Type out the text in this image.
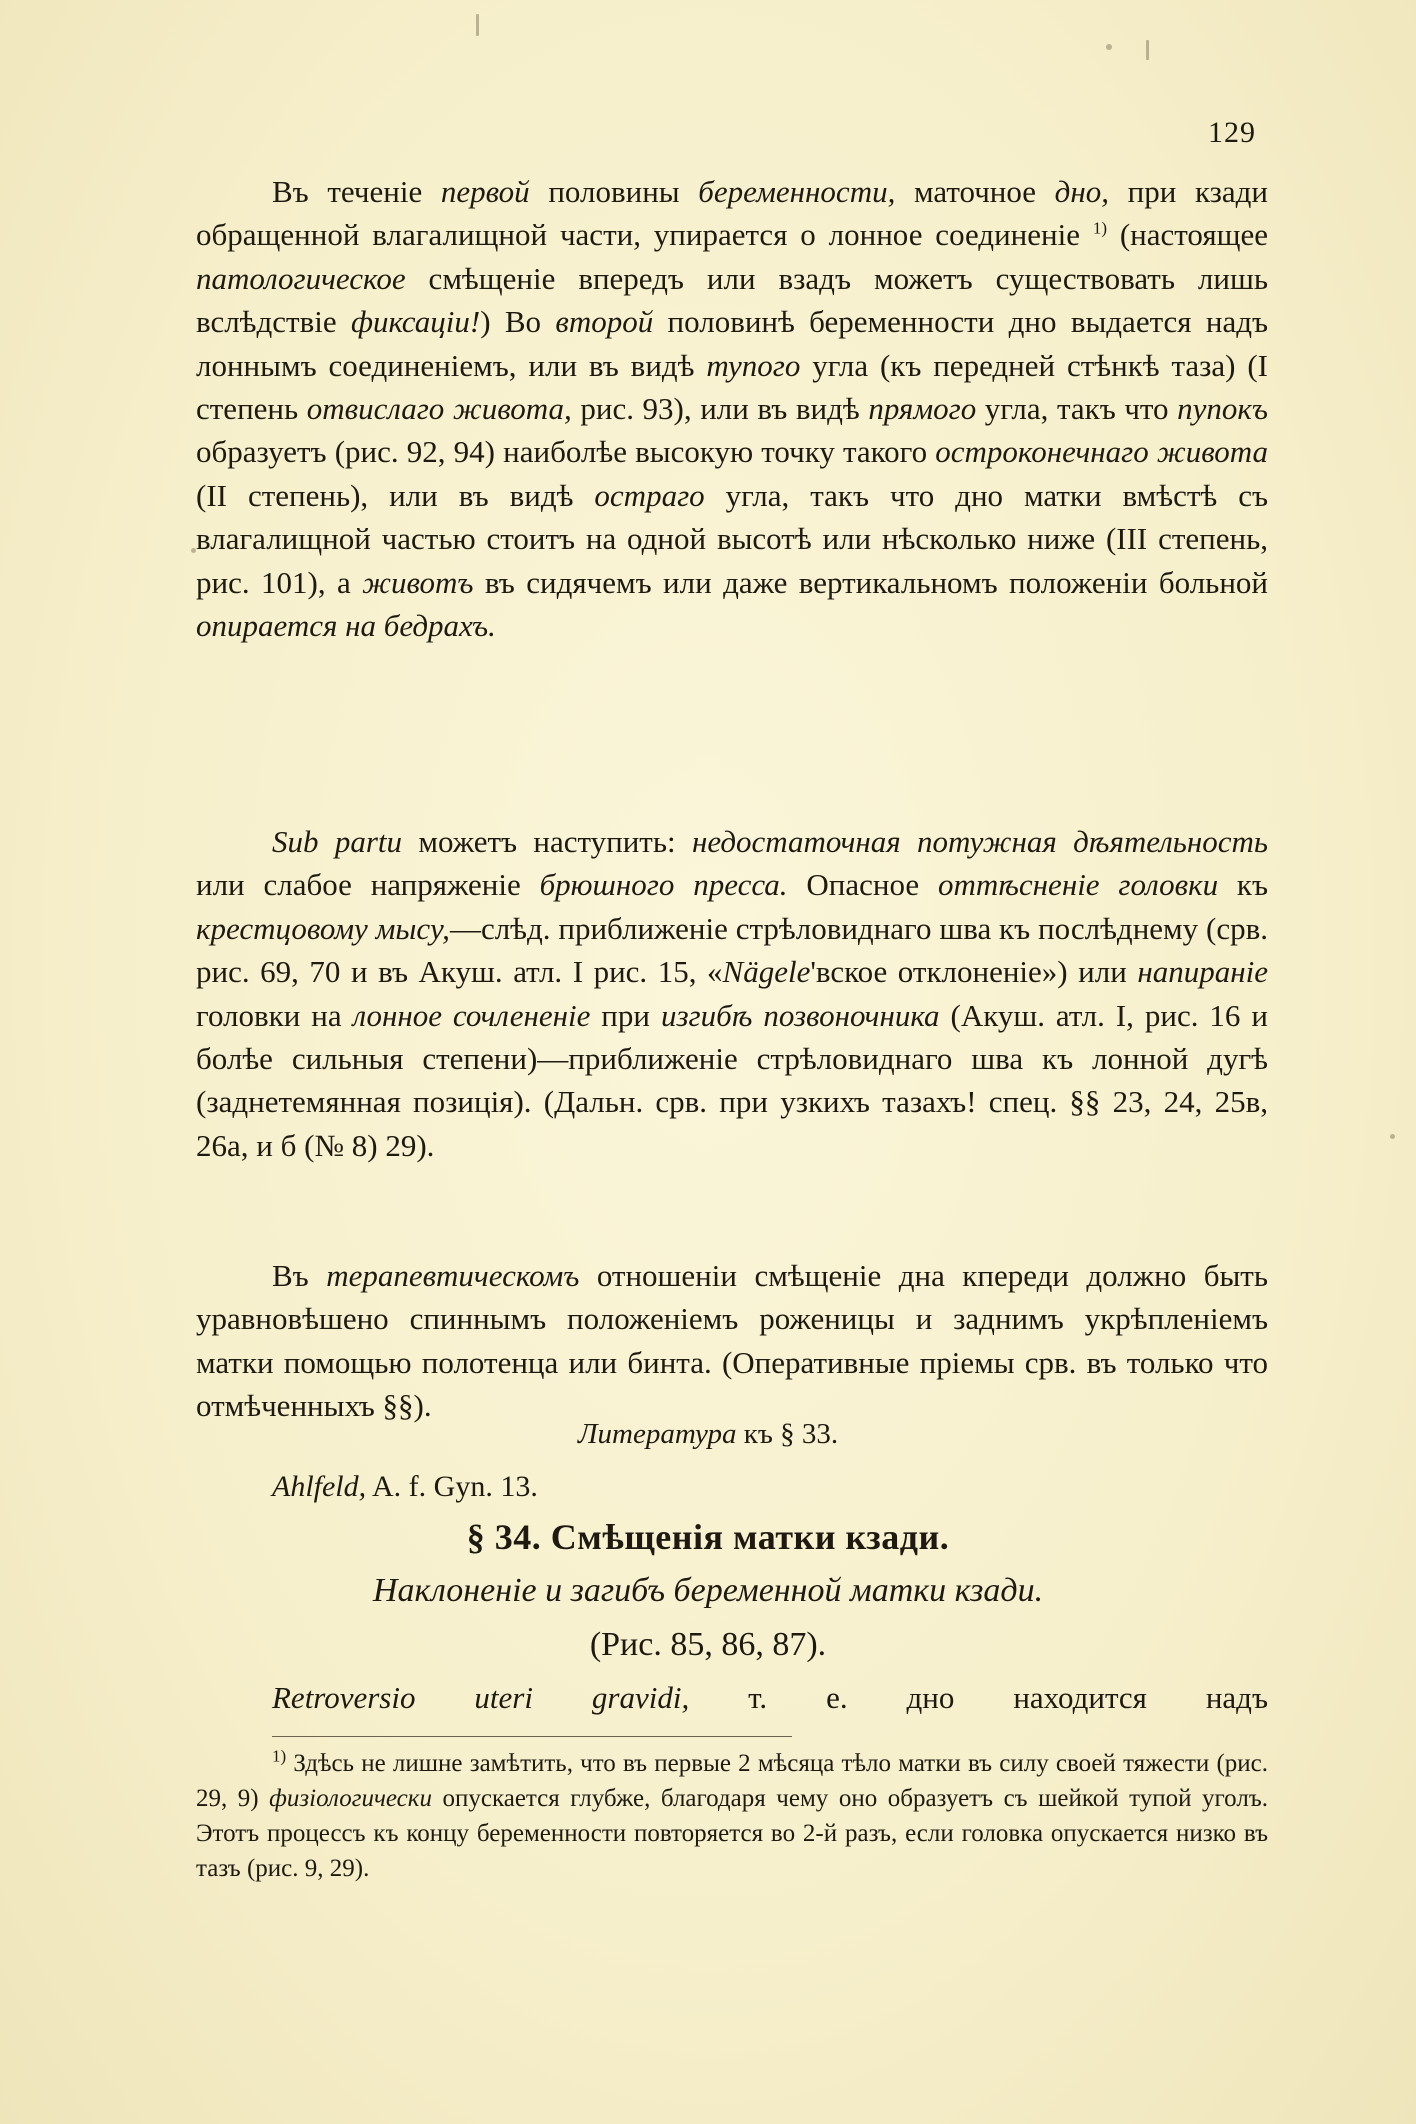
129

Въ теченіе первой половины беременности, маточное дно, при кзади обращенной влагалищной части, упирается о лонное соединеніе $^{1)}$ (настоящее патологическое смѣщеніе впередъ или взадъ можетъ существовать лишь вслѣдствіе фиксаціи!) Во второй половинѣ беременности дно выдается надъ лоннымъ соединеніемъ, или въ видѣ тупого угла (къ передней стѣнкѣ таза) (I степень отвислаго живота, рис. 93), или въ видѣ прямого угла, такъ что пупокъ образуетъ (рис. 92, 94) наиболѣе высокую точку такого остроконечнаго живота (II степень), или въ видѣ остраго угла, такъ что дно матки вмѣстѣ съ влагалищной частью стоитъ на одной высотѣ или нѣсколько ниже (III степень, рис. 101), а животъ въ сидячемъ или даже вертикальномъ положеніи больной опирается на бедрахъ.

Sub partu можетъ наступить: недостаточная потужная дѣятельность или слабое напряженіе брюшного пресса. Опасное оттѣсненіе головки къ крестцовому мысу,—слѣд. приближеніе стрѣловиднаго шва къ послѣднему (срв. рис. 69, 70 и въ Акуш. атл. I рис. 15, «Nägele'вское отклоненіе») или напираніе головки на лонное сочлененіе при изгибѣ позвоночника (Акуш. атл. I, рис. 16 и болѣе сильныя степени)—приближеніе стрѣловиднаго шва къ лонной дугѣ (заднетемянная позиція). (Дальн. срв. при узкихъ тазахъ! спец. §§ 23, 24, 25в, 26а, и б (№ 8) 29).

Въ терапевтическомъ отношеніи смѣщеніе дна кпереди должно быть уравновѣшено спиннымъ положеніемъ роженицы и заднимъ укрѣпленіемъ матки помощью полотенца или бинта. (Оперативные пріемы срв. въ только что отмѣченныхъ §§).

Литература къ § 33.
Ahlfeld, A. f. Gyn. 13.
§ 34. Смѣщенія матки кзади.
Наклоненіе и загибъ беременной матки кзади.
(Рис. 85, 86, 87).
Retroversio uteri gravidi, т. е. дно находится надъ

$^{1)}$ Здѣсь не лишне замѣтить, что въ первые 2 мѣсяца тѣло матки въ силу своей тяжести (рис. 29, 9) физiологически опускается глубже, благодаря чему оно образуетъ съ шейкой тупой уголъ. Этотъ процессъ къ концу беременности повторяется во 2-й разъ, если головка опускается низко въ тазъ (рис. 9, 29).
